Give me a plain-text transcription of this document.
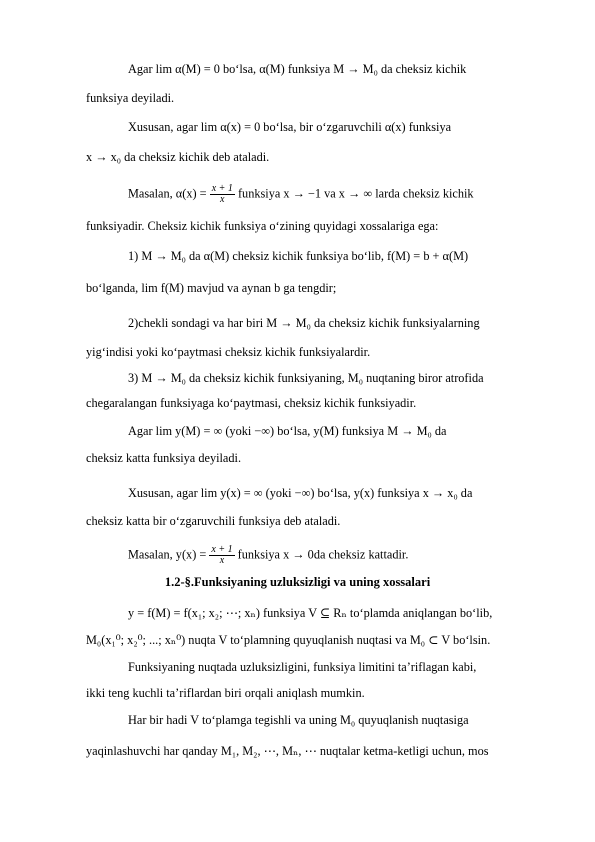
Agar lim α(M) = 0 bo‘lsa, α(M) funksiya M → M₀ da cheksiz kichik
funksiya deyiladi.
Xususan, agar lim α(x) = 0 bo‘lsa, bir o‘zgaruvchili α(x) funksiya
x → x₀ da cheksiz kichik deb ataladi.
Masalan, $\alpha(x) = \frac{x + 1}{x}$ funksiya x → −1 va x → ∞ larda cheksiz kichik
funksiyadir. Cheksiz kichik funksiya o‘zining quyidagi xossalariga ega:
1) M → M₀ da α(M) cheksiz kichik funksiya bo‘lib, f(M) = b + α(M)
bo‘lganda, lim f(M) mavjud va aynan b ga tengdir;
2)chekli sondagi va har biri M → M₀ da cheksiz kichik funksiyalarning
yig‘indisi yoki ko‘paytmasi cheksiz kichik funksiyalardir.
3) M → M₀ da cheksiz kichik funksiyaning, M₀ nuqtaning biror atrofida
chegaralangan funksiyaga ko‘paytmasi, cheksiz kichik funksiyadir.
Agar lim y(M) = ∞ (yoki −∞) bo‘lsa, y(M) funksiya M → M₀ da
cheksiz katta funksiya deyiladi.
Xususan, agar lim y(x) = ∞ (yoki −∞) bo‘lsa, y(x) funksiya x → x₀ da
cheksiz katta bir o‘zgaruvchili funksiya deb ataladi.
Masalan, $y(x) = \frac{x + 1}{x}$ funksiya x → 0da cheksiz kattadir.
1.2-§.Funksiyaning uzluksizligi va uning xossalari
y = f(M) = f(x₁; x₂; ⋯; xₙ) funksiya V ⊆ Rₙ to‘plamda aniqlangan bo‘lib,
M₀(x₁⁰; x₂⁰; ...; xₙ⁰) nuqta V to‘plamning quyuqlanish nuqtasi va M₀ ⊂ V bo‘lsin.
Funksiyaning nuqtada uzluksizligini, funksiya limitini ta’riflagan kabi,
ikki teng kuchli ta’riflardan biri orqali aniqlash mumkin.
Har bir hadi V to‘plamga tegishli va uning M₀ quyuqlanish nuqtasiga
yaqinlashuvchi har qanday M₁, M₂, ⋯, Mₙ, ⋯ nuqtalar ketma-ketligi uchun, mos
